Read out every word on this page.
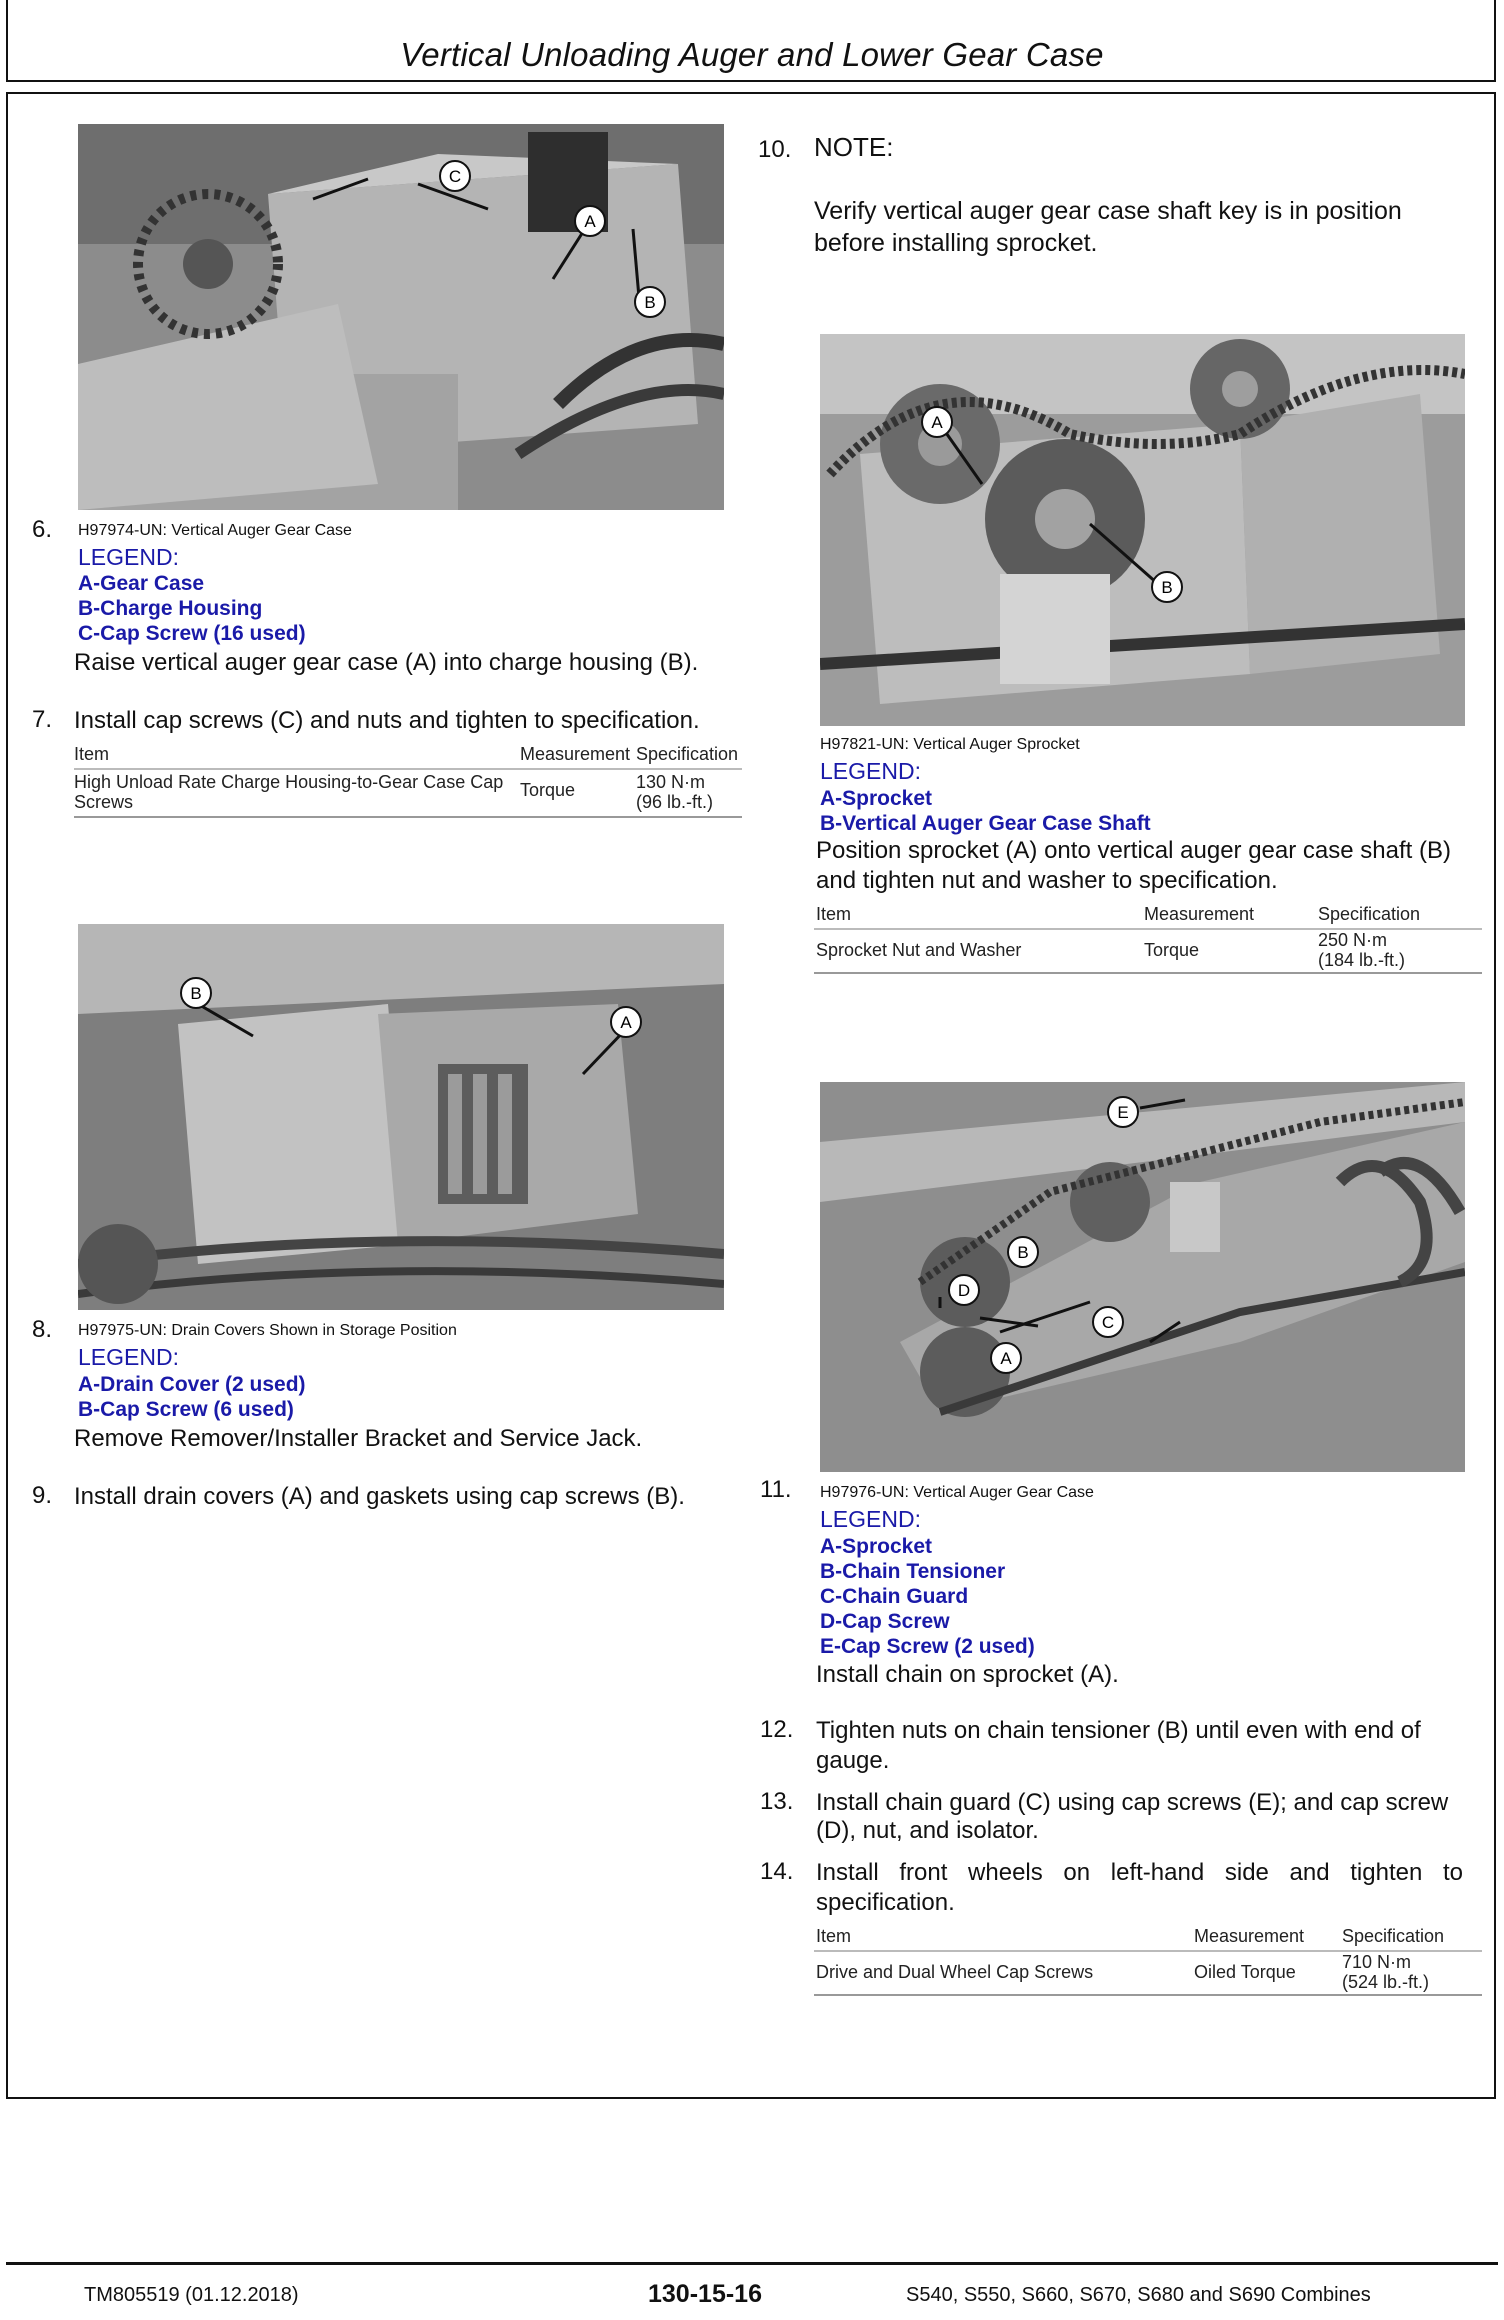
Vertical Unloading Auger and Lower Gear Case
C
A
B
6. H97974-UN: Vertical Auger Gear Case
LEGEND:
A-Gear Case
B-Charge Housing
C-Cap Screw (16 used)
Raise vertical auger gear case (A) into charge housing (B).
7. Install cap screws (C) and nuts and tighten to specification.
Item	Measurement Specification
High Unload Rate Charge Housing-to-Gear Case Cap
Screws
Torque	130 N·m
(96 lb.-ft.)
B
A
8. H97975-UN: Drain Covers Shown in Storage Position
LEGEND:
A-Drain Cover (2 used)
B-Cap Screw (6 used)
Remove Remover/Installer Bracket and Service Jack.
9. Install drain covers (A) and gaskets using cap screws (B).
10. NOTE:
Verify vertical auger gear case shaft key is in position
before installing sprocket.
A
B
H97821-UN: Vertical Auger Sprocket
LEGEND:
A-Sprocket
B-Vertical Auger Gear Case Shaft
Position sprocket (A) onto vertical auger gear case shaft (B)
and tighten nut and washer to specification.
Item	Measurement	Specification
Sprocket Nut and Washer	Torque	250 N·m
(184 lb.-ft.)
E
B
D
C
A
11. H97976-UN: Vertical Auger Gear Case
LEGEND:
A-Sprocket
B-Chain Tensioner
C-Chain Guard
D-Cap Screw
E-Cap Screw (2 used)
Install chain on sprocket (A).
12. Tighten nuts on chain tensioner (B) until even with end of
gauge.
13. Install chain guard (C) using cap screws (E); and cap screw
(D), nut, and isolator.
14. Install front wheels on left-hand side and tighten to
specification.
Item	Measurement Specification
Drive and Dual Wheel Cap Screws	Oiled Torque	710 N·m
(524 lb.-ft.)
TM805519 (01.12.2018)	130-15-16	S540, S550, S660, S670, S680 and S690 Combines
